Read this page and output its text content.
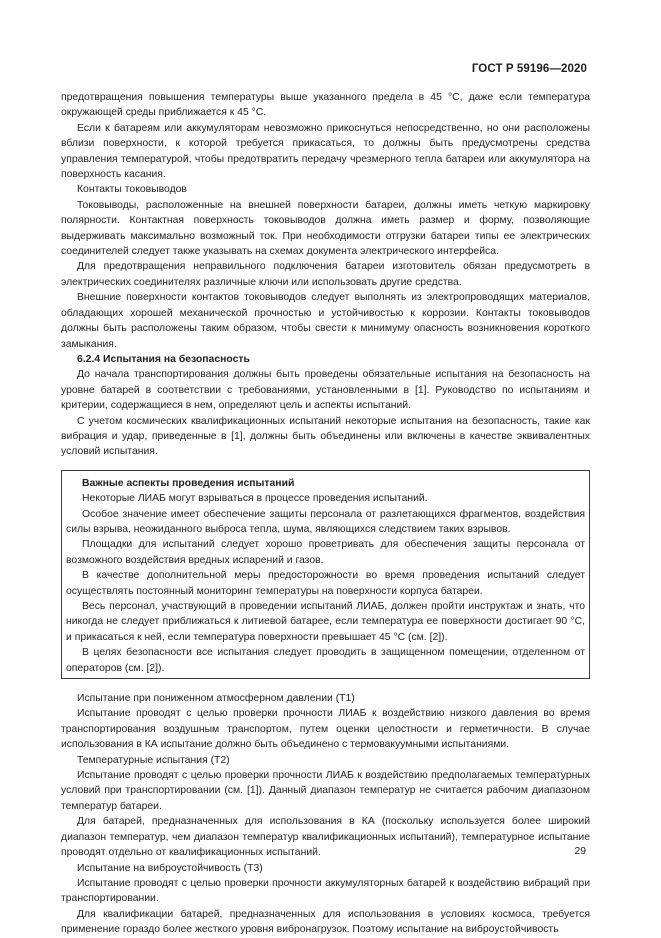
ГОСТ Р 59196—2020

предотвращения повышения температуры выше указанного предела в 45 °С, даже если температура окружающей среды приближается к 45 °С.

Если к батареям или аккумуляторам невозможно прикоснуться непосредственно, но они расположены вблизи поверхности, к которой требуется прикасаться, то должны быть предусмотрены средства управления температурой, чтобы предотвратить передачу чрезмерного тепла батареи или аккумулятора на поверхность касания.

Контакты токовыводов

Токовыводы, расположенные на внешней поверхности батареи, должны иметь четкую маркировку полярности. Контактная поверхность токовыводов должна иметь размер и форму, позволяющие выдерживать максимально возможный ток. При необходимости отгрузки батареи типы ее электрических соединителей следует также указывать на схемах документа электрического интерфейса.

Для предотвращения неправильного подключения батареи изготовитель обязан предусмотреть в электрических соединителях различные ключи или использовать другие средства.

Внешние поверхности контактов токовыводов следует выполнять из электропроводящих материалов, обладающих хорошей механической прочностью и устойчивостью к коррозии. Контакты токовыводов должны быть расположены таким образом, чтобы свести к минимуму опасность возникновения короткого замыкания.

6.2.4 Испытания на безопасность

До начала транспортирования должны быть проведены обязательные испытания на безопасность на уровне батарей в соответствии с требованиями, установленными в [1]. Руководство по испытаниям и критерии, содержащиеся в нем, определяют цель и аспекты испытаний.

С учетом космических квалификационных испытаний некоторые испытания на безопасность, такие как вибрация и удар, приведенные в [1], должны быть объединены или включены в качестве эквивалентных условий испытания.

Важные аспекты проведения испытаний

Некоторые ЛИАБ могут взрываться в процессе проведения испытаний.

Особое значение имеет обеспечение защиты персонала от разлетающихся фрагментов, воздействия силы взрыва, неожиданного выброса тепла, шума, являющихся следствием таких взрывов.

Площадки для испытаний следует хорошо проветривать для обеспечения защиты персонала от возможного воздействия вредных испарений и газов.

В качестве дополнительной меры предосторожности во время проведения испытаний следует осуществлять постоянный мониторинг температуры на поверхности корпуса батареи.

Весь персонал, участвующий в проведении испытаний ЛИАБ, должен пройти инструктаж и знать, что никогда не следует приближаться к литиевой батарее, если температура ее поверхности достигает 90 °С, и прикасаться к ней, если температура поверхности превышает 45 °С (см. [2]).

В целях безопасности все испытания следует проводить в защищенном помещении, отделенном от операторов (см. [2]).

Испытание при пониженном атмосферном давлении (Т1)

Испытание проводят с целью проверки прочности ЛИАБ к воздействию низкого давления во время транспортирования воздушным транспортом, путем оценки целостности и герметичности. В случае использования в КА испытание должно быть объединено с термовакуумными испытаниями.

Температурные испытания (Т2)

Испытание проводят с целью проверки прочности ЛИАБ к воздействию предполагаемых температурных условий при транспортировании (см. [1]). Данный диапазон температур не считается рабочим диапазоном температур батареи.

Для батарей, предназначенных для использования в КА (поскольку используется более широкий диапазон температур, чем диапазон температур квалификационных испытаний), температурное испытание проводят отдельно от квалификационных испытаний.

Испытание на виброустойчивость (Т3)

Испытание проводят с целью проверки прочности аккумуляторных батарей к воздействию вибраций при транспортировании.

Для квалификации батарей, предназначенных для использования в условиях космоса, требуется применение гораздо более жесткого уровня вибронагрузок. Поэтому испытание на виброустойчивость

29
